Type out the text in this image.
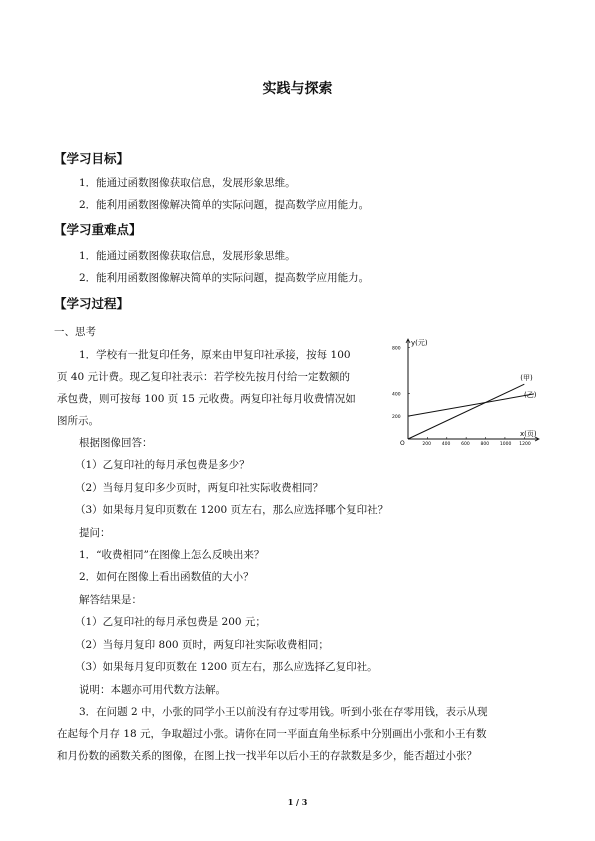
实践与探索
【学习目标】
1．能通过函数图像获取信息，发展形象思维。
2．能利用函数图像解决简单的实际问题，提高数学应用能力。
【学习重难点】
1．能通过函数图像获取信息，发展形象思维。
2．能利用函数图像解决简单的实际问题，提高数学应用能力。
【学习过程】
一、思考
1．学校有一批复印任务，原来由甲复印社承接，按每 100
页 40 元计费。现乙复印社表示：若学校先按月付给一定数额的
承包费，则可按每 100 页 15 元收费。两复印社每月收费情况如
图所示。
y(元)
x(页)
O	200 400 600 800 1000 1200
800
400
200
(甲)
(乙)
根据图像回答：
（1）乙复印社的每月承包费是多少？
（2）当每月复印多少页时，两复印社实际收费相同？
（3）如果每月复印页数在 1200 页左右，那么应选择哪个复印社？
提问：
1．“收费相同”在图像上怎么反映出来？
2．如何在图像上看出函数值的大小？
解答结果是：
（1）乙复印社的每月承包费是 200 元；
（2）当每月复印 800 页时，两复印社实际收费相同；
（3）如果每月复印页数在 1200 页左右，那么应选择乙复印社。
说明：本题亦可用代数方法解。
3．在问题 2 中，小张的同学小王以前没有存过零用钱。听到小张在存零用钱，表示从现
在起每个月存 18 元，争取超过小张。请你在同一平面直角坐标系中分别画出小张和小王有数
和月份数的函数关系的图像，在图上找一找半年以后小王的存款数是多少，能否超过小张？
1 / 3
